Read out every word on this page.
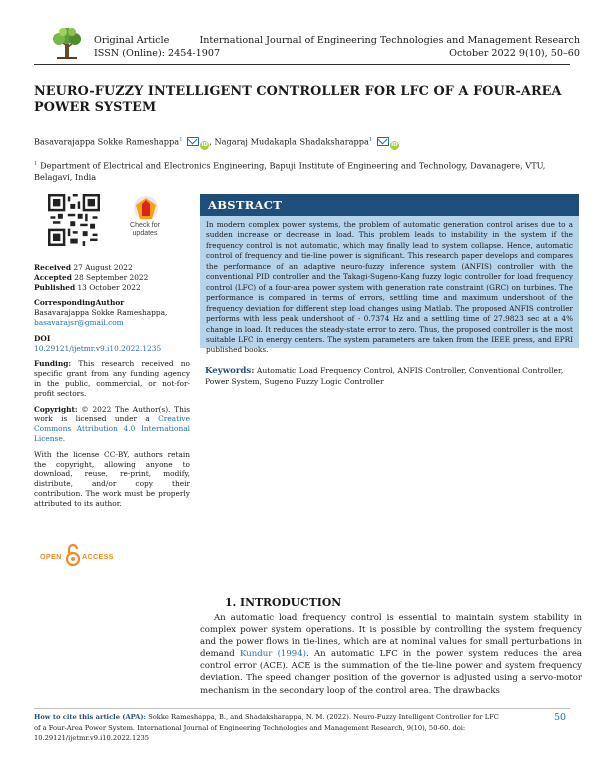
Original Article
ISSN (Online): 2454-1907
International Journal of Engineering Technologies and Management Research
October 2022 9(10), 50–60
NEURO-FUZZY INTELLIGENT CONTROLLER FOR LFC OF A FOUR-AREA POWER SYSTEM
Basavarajappa Sokke Rameshappa$^1$ iD, Nagaraj Mudakapla Shadaksharappa$^1$ iD
$^1$ Department of Electrical and Electronics Engineering, Bapuji Institute of Engineering and Technology, Davanagere, VTU, Belagavi, India
Check for updates
Received 27 August 2022
Accepted 28 September 2022
Published 13 October 2022
CorrespondingAuthor
Basavarajappa Sokke Rameshappa,
basavarajsr@gmail.com
DOI
10.29121/ijetmr.v9.i10.2022.1235
Funding: This research received no specific grant from any funding agency in the public, commercial, or not-for-profit sectors.
Copyright: © 2022 The Author(s). This work is licensed under a Creative Commons Attribution 4.0 International License.
With the license CC-BY, authors retain the copyright, allowing anyone to download, reuse, re-print, modify, distribute, and/or copy their contribution. The work must be properly attributed to its author.
OPEN	ACCESS
ABSTRACT
In modern complex power systems, the problem of automatic generation control arises due to a sudden increase or decrease in load. This problem leads to instability in the system if the frequency control is not automatic, which may finally lead to system collapse. Hence, automatic control of frequency and tie-line power is significant. This research paper develops and compares the performance of an adaptive neuro-fuzzy inference system (ANFIS) controller with the conventional PID controller and the Takagi-Sugeno-Kang fuzzy logic controller for load frequency control (LFC) of a four-area power system with generation rate constraint (GRC) on turbines. The performance is compared in terms of errors, settling time and maximum undershoot of the frequency deviation for different step load changes using Matlab. The proposed ANFIS controller performs with less peak undershoot of - 0.7374 Hz and a settling time of 27.9823 sec at a 4% change in load. It reduces the steady-state error to zero. Thus, the proposed controller is the most suitable LFC in energy centers. The system parameters are taken from the IEEE press, and EPRI published books.
Keywords: Automatic Load Frequency Control, ANFIS Controller, Conventional Controller, Power System, Sugeno Fuzzy Logic Controller
1. INTRODUCTION
An automatic load frequency control is essential to maintain system stability in complex power system operations. It is possible by controlling the system frequency and the power flows in tie-lines, which are at nominal values for small perturbations in demand Kundur (1994). An automatic LFC in the power system reduces the area control error (ACE). ACE is the summation of the tie-line power and system frequency deviation. The speed changer position of the governor is adjusted using a servo-motor mechanism in the secondary loop of the control area. The drawbacks
How to cite this article (APA): Sokke Rameshappa, B., and Shadaksharappa, N. M. (2022). Neuro-Fuzzy Intelligent Controller for LFC of a Four-Area Power System. International Journal of Engineering Technologies and Management Research, 9(10), 50-60. doi: 10.29121/ijetmr.v9.i10.2022.1235
50
